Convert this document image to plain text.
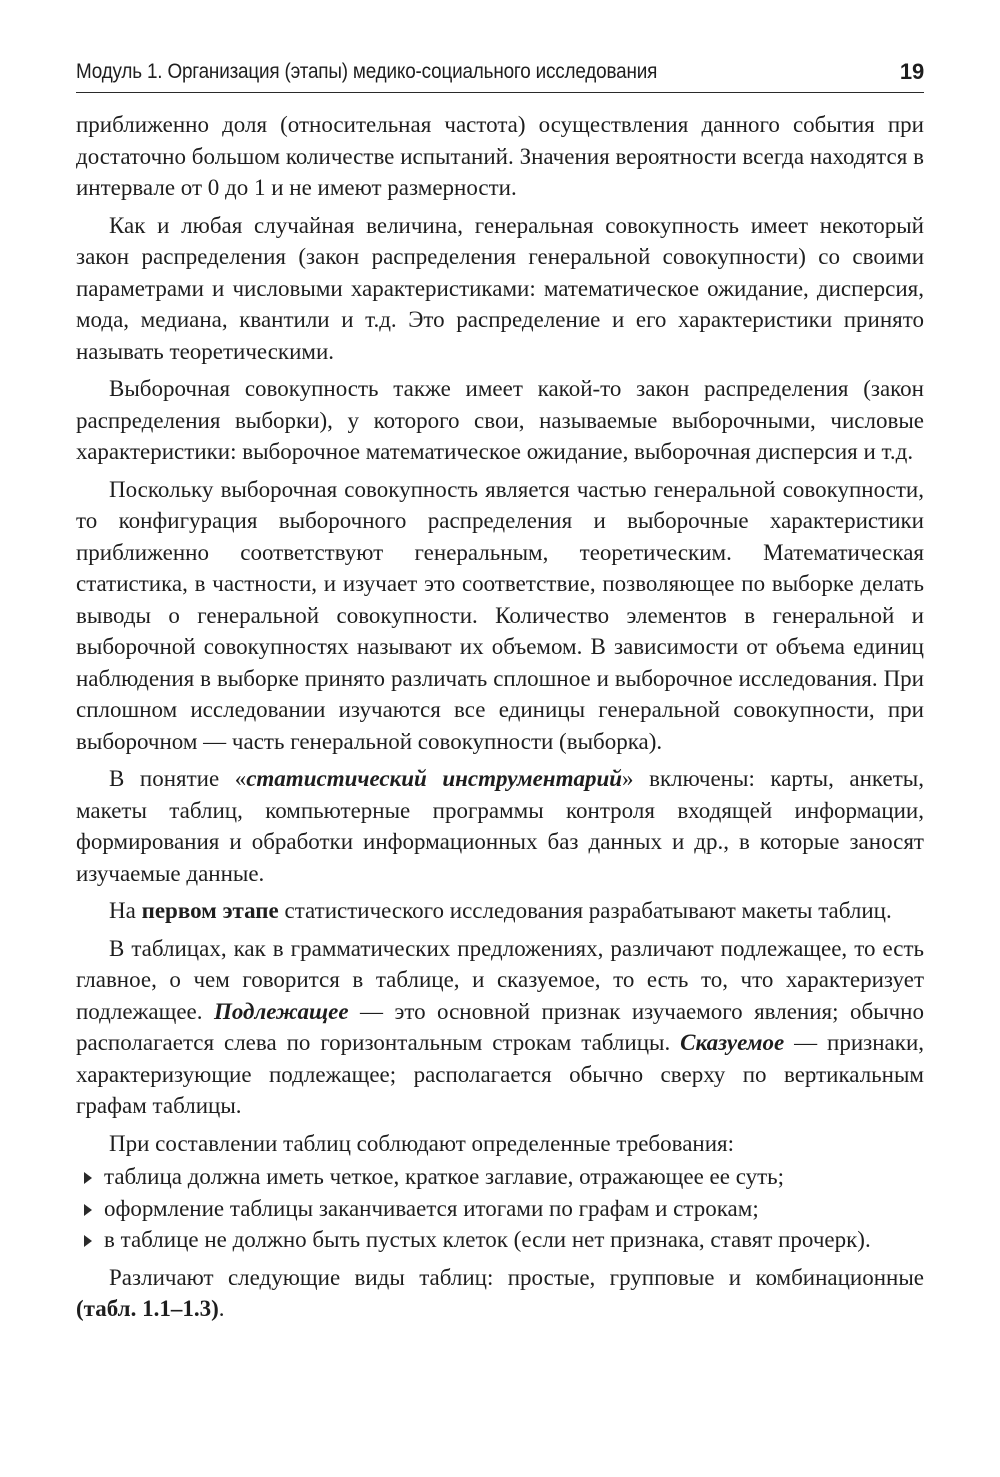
Модуль 1. Организация (этапы) медико-социального исследования	19

приближенно доля (относительная частота) осуществления данного события при достаточно большом количестве испытаний. Значения вероятности всегда находятся в интервале от 0 до 1 и не имеют размерности.

Как и любая случайная величина, генеральная совокупность имеет некоторый закон распределения (закон распределения генеральной совокупности) со своими параметрами и числовыми характеристиками: математическое ожидание, дисперсия, мода, медиана, квантили и т.д. Это распределение и его характеристики принято называть теоретическими.

Выборочная совокупность также имеет какой-то закон распределения (закон распределения выборки), у которого свои, называемые выборочными, числовые характеристики: выборочное математическое ожидание, выборочная дисперсия и т.д.

Поскольку выборочная совокупность является частью генеральной совокупности, то конфигурация выборочного распределения и выборочные характеристики приближенно соответствуют генеральным, теоретическим. Математическая статистика, в частности, и изучает это соответствие, позволяющее по выборке делать выводы о генеральной совокупности. Количество элементов в генеральной и выборочной совокупностях называют их объемом. В зависимости от объема единиц наблюдения в выборке принято различать сплошное и выборочное исследования. При сплошном исследовании изучаются все единицы генеральной совокупности, при выборочном — часть генеральной совокупности (выборка).

В понятие «статистический инструментарий» включены: карты, анкеты, макеты таблиц, компьютерные программы контроля входящей информации, формирования и обработки информационных баз данных и др., в которые заносят изучаемые данные.

На первом этапе статистического исследования разрабатывают макеты таблиц.

В таблицах, как в грамматических предложениях, различают подлежащее, то есть главное, о чем говорится в таблице, и сказуемое, то есть то, что характеризует подлежащее. Подлежащее — это основной признак изучаемого явления; обычно располагается слева по горизонтальным строкам таблицы. Сказуемое — признаки, характеризующие подлежащее; располагается обычно сверху по вертикальным графам таблицы.

При составлении таблиц соблюдают определенные требования:

таблица должна иметь четкое, краткое заглавие, отражающее ее суть;
оформление таблицы заканчивается итогами по графам и строкам;
в таблице не должно быть пустых клеток (если нет признака, ставят прочерк).

Различают следующие виды таблиц: простые, групповые и комбинационные (табл. 1.1–1.3).
